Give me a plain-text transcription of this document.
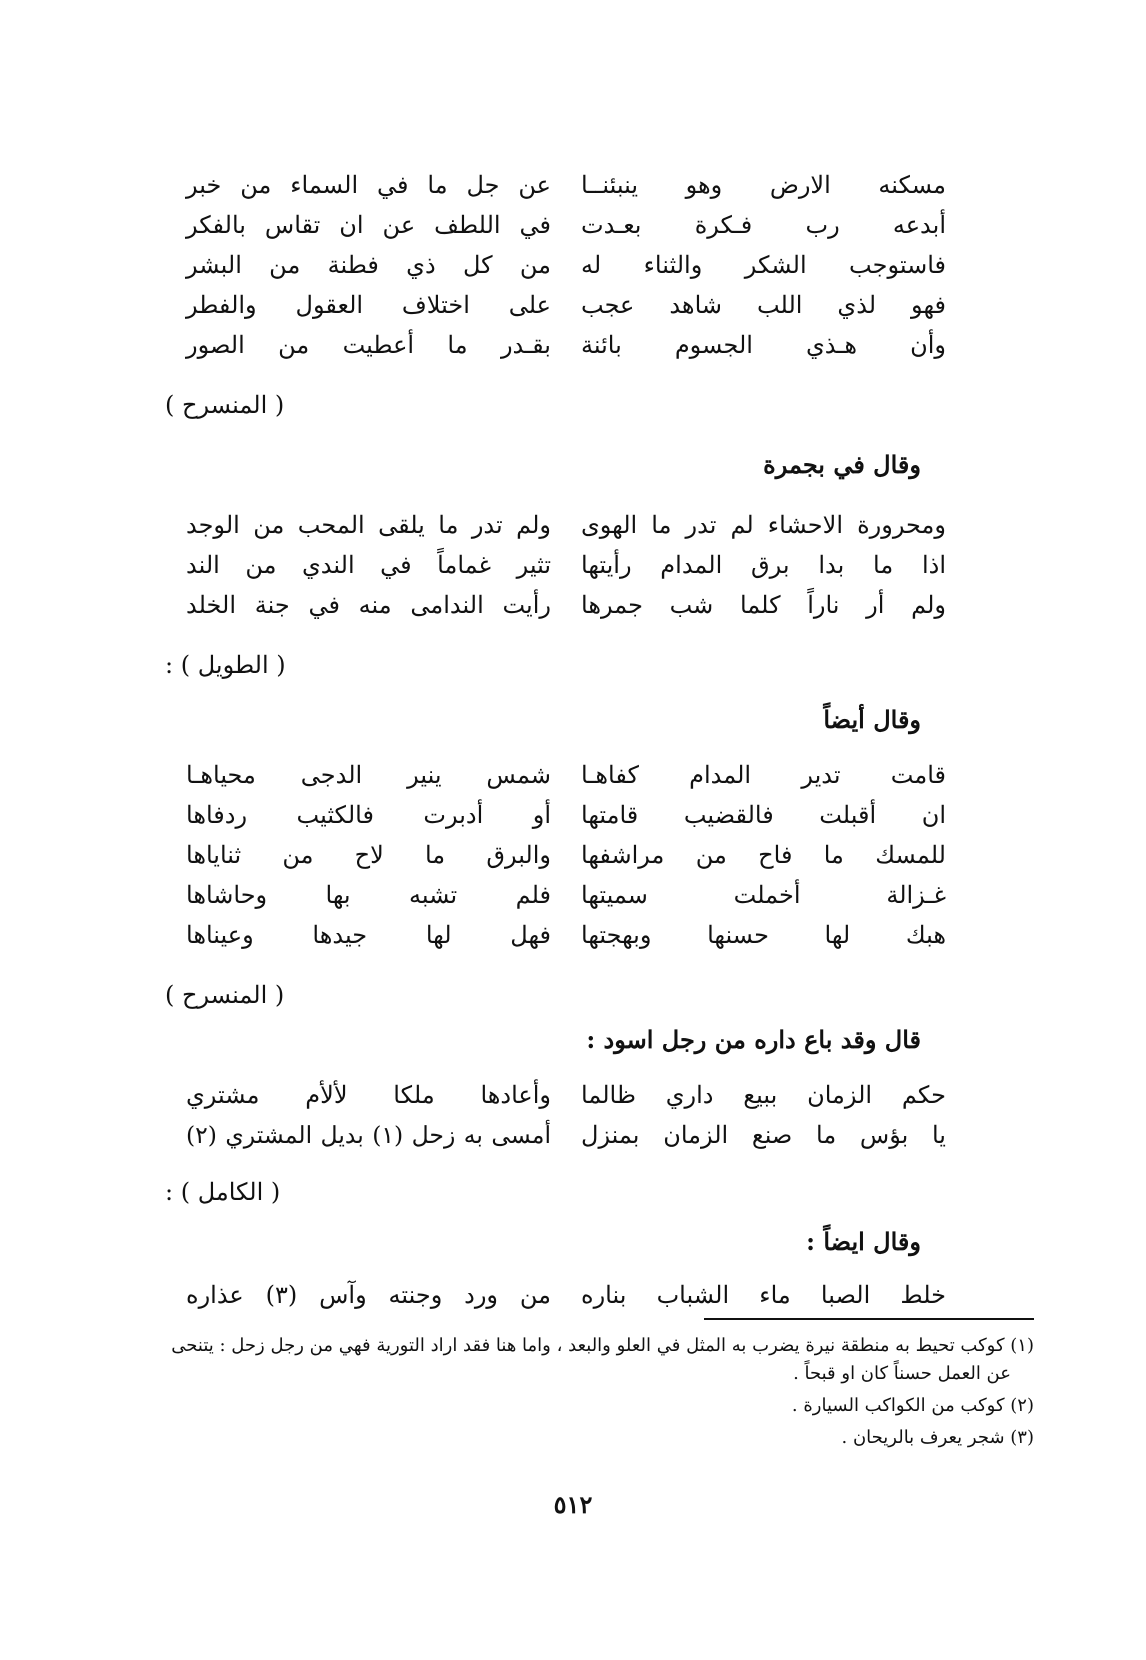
مسكنه الارض وهو ينبئنــا
عن جل ما في السماء من خبر
أبدعه رب فـكرة بعـدت
في اللطف عن ان تقاس بالفكر
فاستوجب الشكر والثناء له
من كل ذي فطنة من البشر
فهو لذي اللب شاهد عجب
على اختلاف العقول والفطر
وأن هـذي الجسوم بائنة
بقـدر ما أعطيت من الصور
( المنسرح )
وقال في بجمرة
ومحرورة الاحشاء لم تدر ما الهوى
ولم تدر ما يلقى المحب من الوجد
اذا ما بدا برق المدام رأيتها
تثير غماماً في الندي من الند
ولم أر ناراً كلما شب جمرها
رأيت الندامى منه في جنة الخلد
( الطويل ) :
وقال أيضاً
قامت تدير المدام كفاهـا
شمس ينير الدجى محياهـا
ان أقبلت فالقضيب قامتها
أو أدبرت فالكثيب ردفاها
للمسك ما فاح من مراشفها
والبرق ما لاح من ثناياها
غـزالة أخملت سميتها
فلم تشبه بها وحاشاها
هبك لها حسنها وبهجتها
فهل لها جيدها وعيناها
( المنسرح )
قال وقد باع داره من رجل اسود :
حكم الزمان ببيع داري ظالما
وأعادها ملكا لألأم مشتري
يا بؤس ما صنع الزمان بمنزل
أمسى به زحل (١) بديل المشتري (٢)
( الكامل ) :
وقال ايضاً :
خلط الصبا ماء الشباب بناره
من ورد وجنته وآس (٣) عذاره
(١) كوكب تحيط به منطقة نيرة يضرب به المثل في العلو والبعد ، واما هنا فقد اراد التورية فهي من رجل زحل : يتنحى
عن العمل حسناً كان او قبحاً .
(٢) كوكب من الكواكب السيارة .
(٣) شجر يعرف بالريحان .
٥١٢
